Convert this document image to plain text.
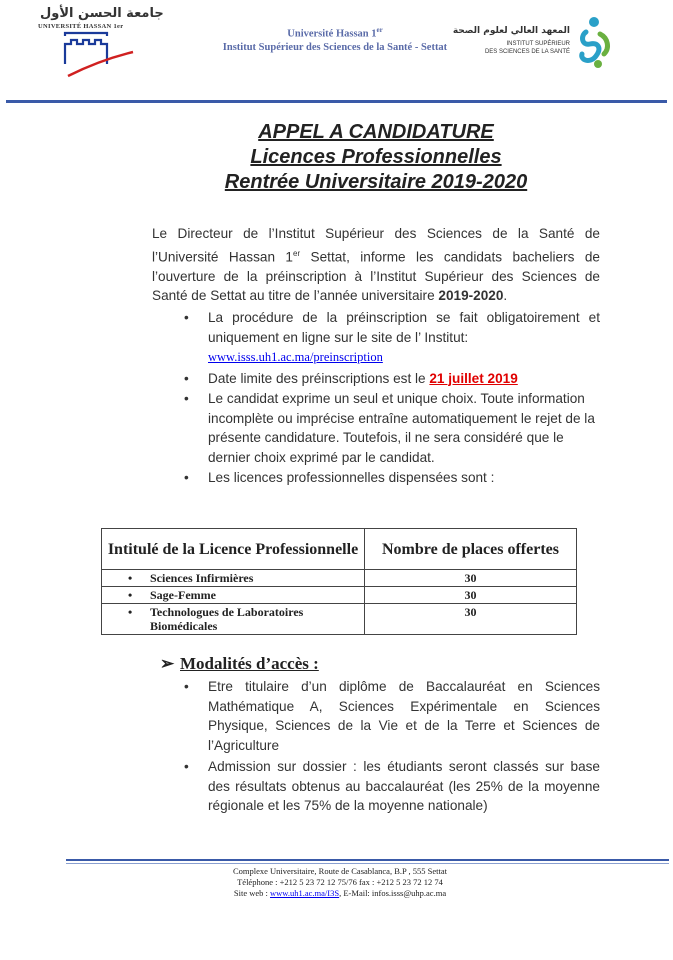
جامعة الحسن الأول
UNIVERSITÉ HASSAN 1er
Université Hassan 1er
Institut Supérieur des Sciences de la Santé - Settat
المعهد العالي لعلوم الصحة
INSTITUT SUPÉRIEUR
DES SCIENCES DE LA SANTÉ
APPEL A CANDIDATURE
Licences Professionnelles
Rentrée Universitaire 2019-2020
Le Directeur de l’Institut Supérieur des Sciences de la Santé de l’Université Hassan 1er Settat, informe les candidats bacheliers de l’ouverture de la préinscription à l’Institut Supérieur des Sciences de Santé de Settat au titre de l’année universitaire 2019-2020.
• La procédure de la préinscription se fait obligatoirement et uniquement en ligne sur le site de l’ Institut:
www.isss.uh1.ac.ma/preinscription
• Date limite des préinscriptions est le 21 juillet 2019
• Le candidat exprime un seul et unique choix. Toute information incomplète ou imprécise entraîne automatiquement le rejet de la présente candidature. Toutefois, il ne sera considéré que le dernier choix exprimé par le candidat.
• Les licences professionnelles dispensées sont :
Intitulé de la Licence Professionnelle	Nombre de places offertes
• Sciences Infirmières	30
• Sage-Femme	30
• Technologues de Laboratoires Biomédicales	30
➢ Modalités d’accès :
• Etre titulaire d’un diplôme de Baccalauréat en Sciences Mathématique A, Sciences Expérimentale en Sciences Physique, Sciences de la Vie et de la Terre et Sciences de l’Agriculture
• Admission sur dossier : les étudiants seront classés sur base des résultats obtenus au baccalauréat (les 25% de la moyenne régionale et les 75% de la moyenne nationale)
Complexe Universitaire, Route de Casablanca, B.P , 555 Settat
Téléphone : +212 5 23 72 12 75/76 fax : +212 5 23 72 12 74
Site web : www.uh1.ac.ma/I3S, E-Mail: infos.isss@uhp.ac.ma
